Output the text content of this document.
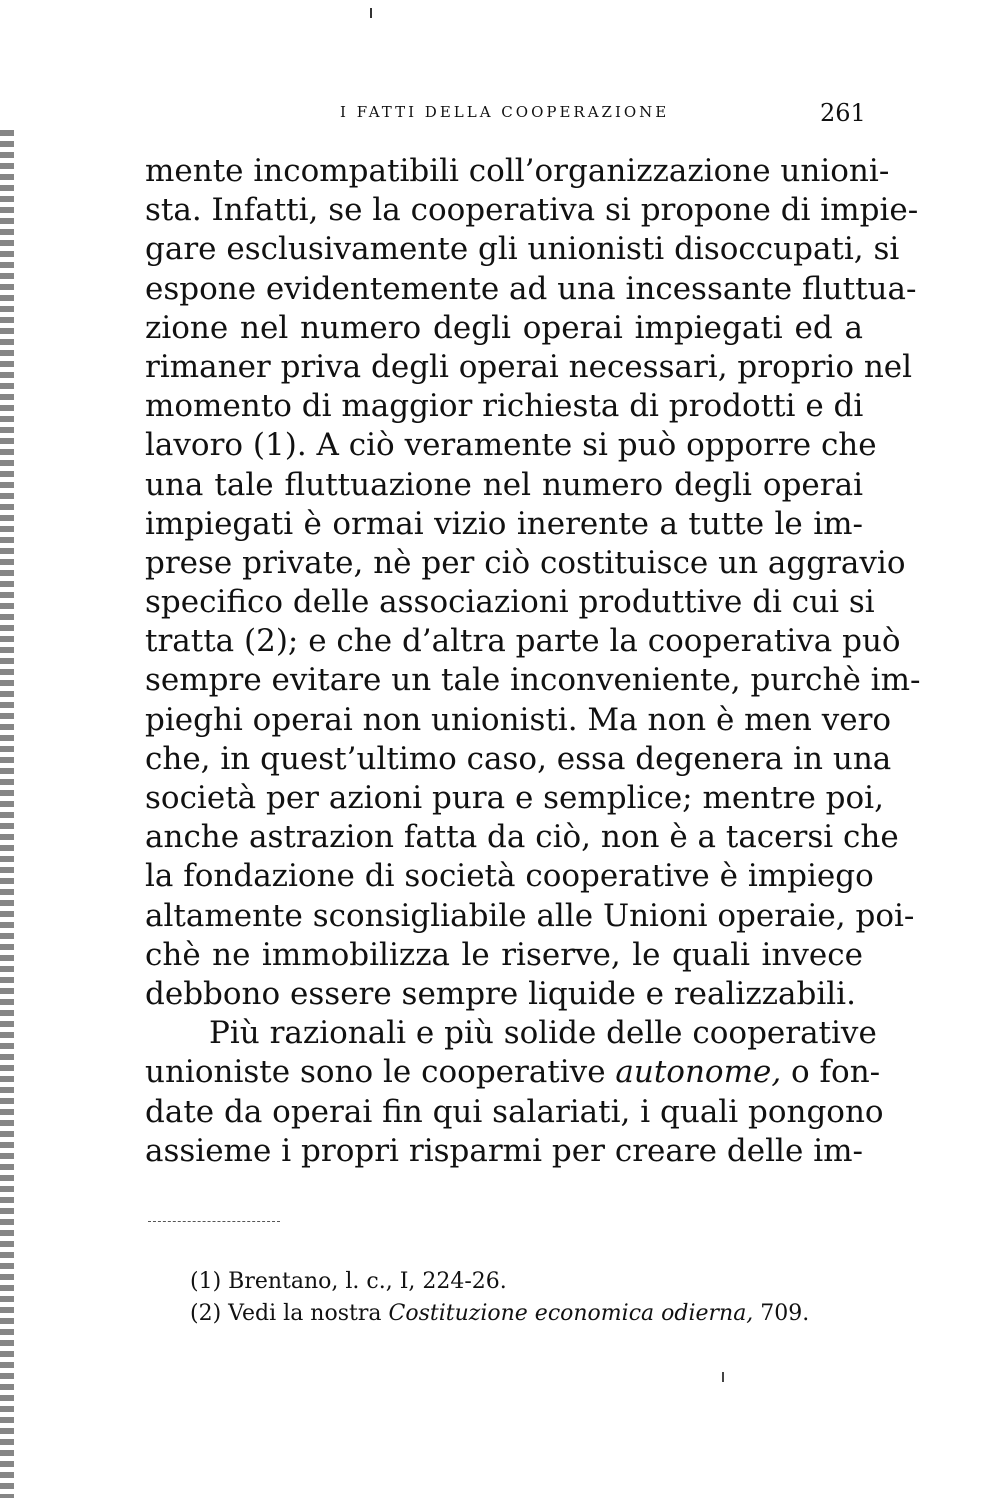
I FATTI DELLA COOPERAZIONE	261
mente incompatibili coll’organizzazione unioni-
sta. Infatti, se la cooperativa si propone di impie-
gare esclusivamente gli unionisti disoccupati, si
espone evidentemente ad una incessante fluttua-
zione nel numero degli operai impiegati ed a
rimaner priva degli operai necessari, proprio nel
momento di maggior richiesta di prodotti e di
lavoro (1). A ciò veramente si può opporre che
una tale fluttuazione nel numero degli operai
impiegati è ormai vizio inerente a tutte le im-
prese private, nè per ciò costituisce un aggravio
specifico delle associazioni produttive di cui si
tratta (2); e che d’altra parte la cooperativa può
sempre evitare un tale inconveniente, purchè im-
pieghi operai non unionisti. Ma non è men vero
che, in quest’ultimo caso, essa degenera in una
società per azioni pura e semplice; mentre poi,
anche astrazion fatta da ciò, non è a tacersi che
la fondazione di società cooperative è impiego
altamente sconsigliabile alle Unioni operaie, poi-
chè ne immobilizza le riserve, le quali invece
debbono essere sempre liquide e realizzabili.
Più razionali e più solide delle cooperative
unioniste sono le cooperative autonome, o fon-
date da operai fin qui salariati, i quali pongono
assieme i propri risparmi per creare delle im-
(1) Brentano, l. c., I, 224-26.
(2) Vedi la nostra Costituzione economica odierna, 709.
